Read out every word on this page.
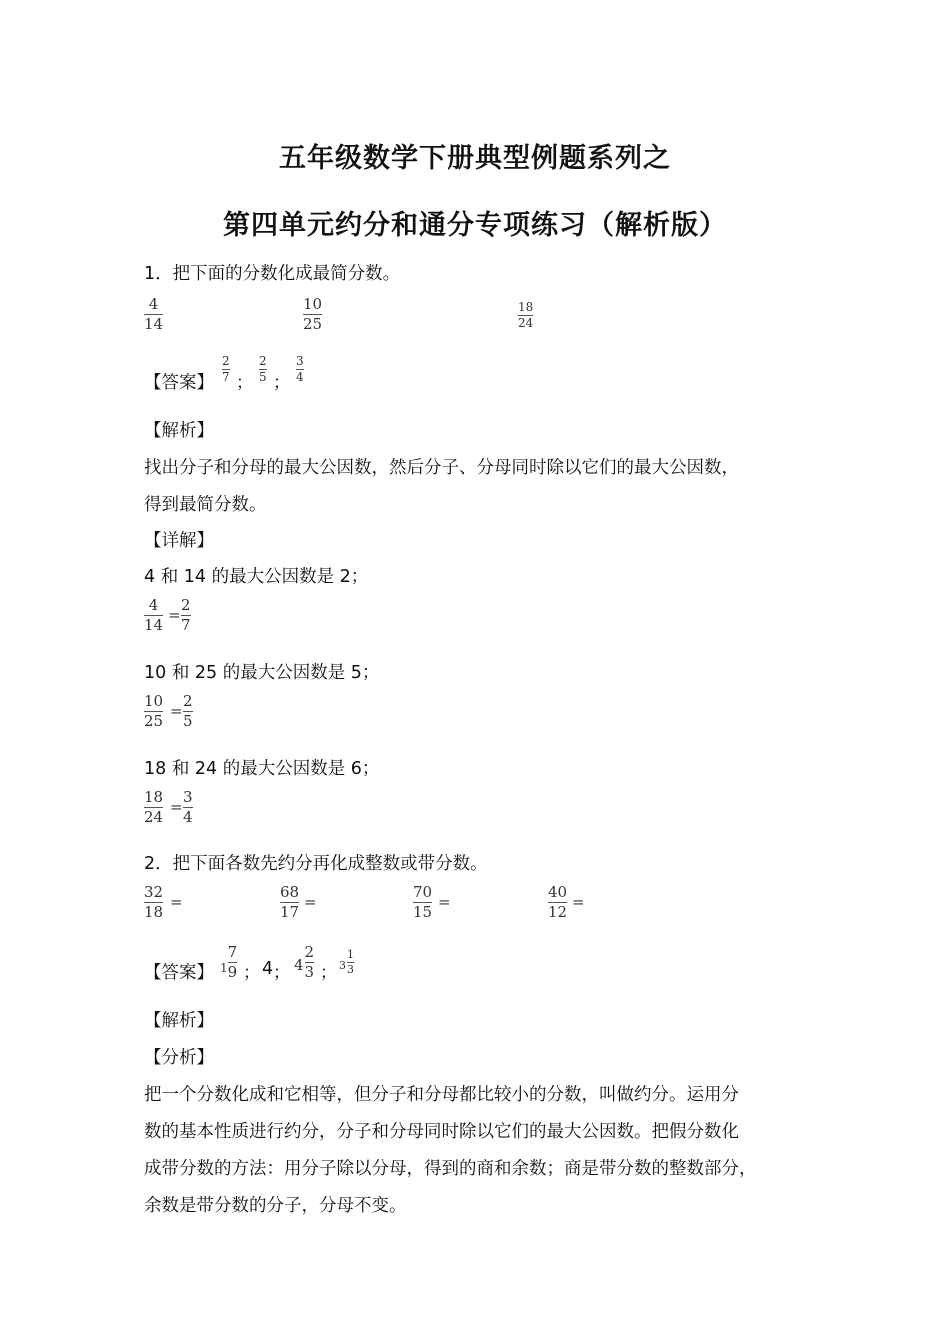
五年级数学下册典型例题系列之
第四单元约分和通分专项练习（解析版）
1．把下面的分数化成最简分数。
4
14
10
25
18
24
【答案】
2
7 ；
2
5 ；
3
4
【解析】
找出分子和分母的最大公因数，然后分子、分母同时除以它们的最大公因数，
得到最简分数。
【详解】
4 和 14 的最大公因数是 2；
4
14
=
2
7
10 和 25 的最大公因数是 5；
10
25
=
2
5
18 和 24 的最大公因数是 6；
18
24
=
3
4
2．把下面各数先约分再化成整数或带分数。
32
18
=
68
17
=
70
15
=
40
12
=
【答案】 $1 \frac{7}{9}$ ； 4 ； $4 \frac{2}{3}$ ； $3 \frac{1}{3}$
【解析】
【分析】
把一个分数化成和它相等，但分子和分母都比较小的分数，叫做约分。运用分
数的基本性质进行约分，分子和分母同时除以它们的最大公因数。把假分数化
成带分数的方法：用分子除以分母，得到的商和余数；商是带分数的整数部分，
余数是带分数的分子，分母不变。
